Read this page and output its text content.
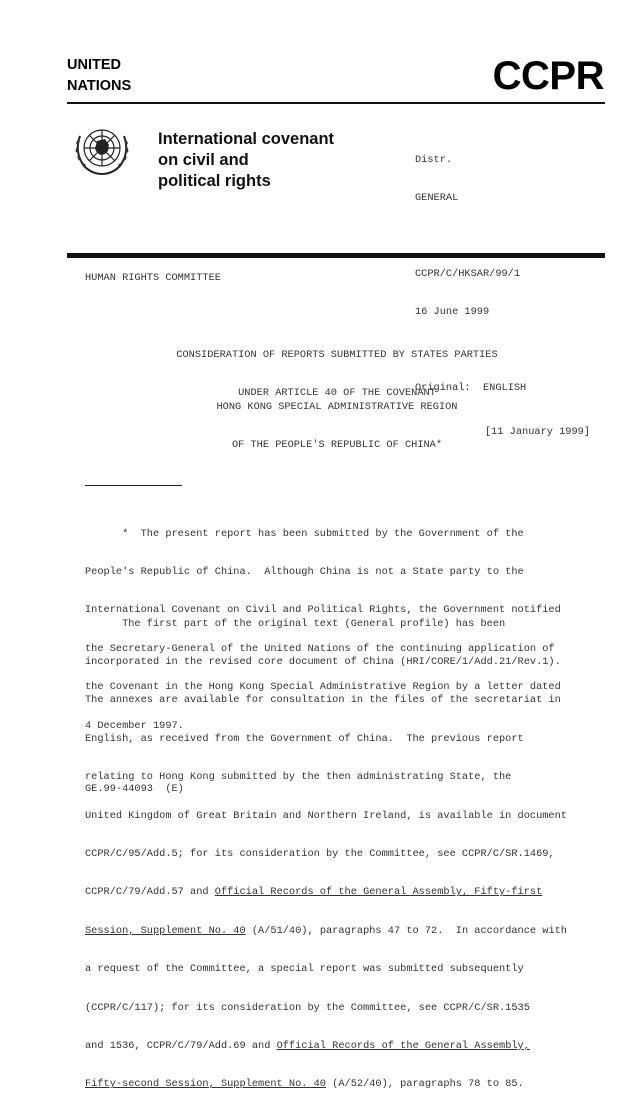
UNITED
NATIONS	CCPR
International covenant
on civil and
political rights

Distr.

GENERAL

CCPR/C/HKSAR/99/1

16 June 1999

Original:  ENGLISH

HUMAN RIGHTS COMMITTEE

CONSIDERATION OF REPORTS SUBMITTED BY STATES PARTIES

UNDER ARTICLE 40 OF THE COVENANT

HONG KONG SPECIAL ADMINISTRATIVE REGION

OF THE PEOPLE'S REPUBLIC OF CHINA*

[11 January 1999]

*  The present report has been submitted by the Government of the

People's Republic of China.  Although China is not a State party to the

International Covenant on Civil and Political Rights, the Government notified

the Secretary-General of the United Nations of the continuing application of

the Covenant in the Hong Kong Special Administrative Region by a letter dated

4 December 1997.

The first part of the original text (General profile) has been

incorporated in the revised core document of China (HRI/CORE/1/Add.21/Rev.1).

The annexes are available for consultation in the files of the secretariat in

English, as received from the Government of China.  The previous report

relating to Hong Kong submitted by the then administrating State, the

United Kingdom of Great Britain and Northern Ireland, is available in document

CCPR/C/95/Add.5; for its consideration by the Committee, see CCPR/C/SR.1469,

CCPR/C/79/Add.57 and Official Records of the General Assembly, Fifty-first

Session, Supplement No. 40 (A/51/40), paragraphs 47 to 72.  In accordance with

a request of the Committee, a special report was submitted subsequently

(CCPR/C/117); for its consideration by the Committee, see CCPR/C/SR.1535

and 1536, CCPR/C/79/Add.69 and Official Records of the General Assembly,

Fifty-second Session, Supplement No. 40 (A/52/40), paragraphs 78 to 85.

GE.99-44093  (E)
